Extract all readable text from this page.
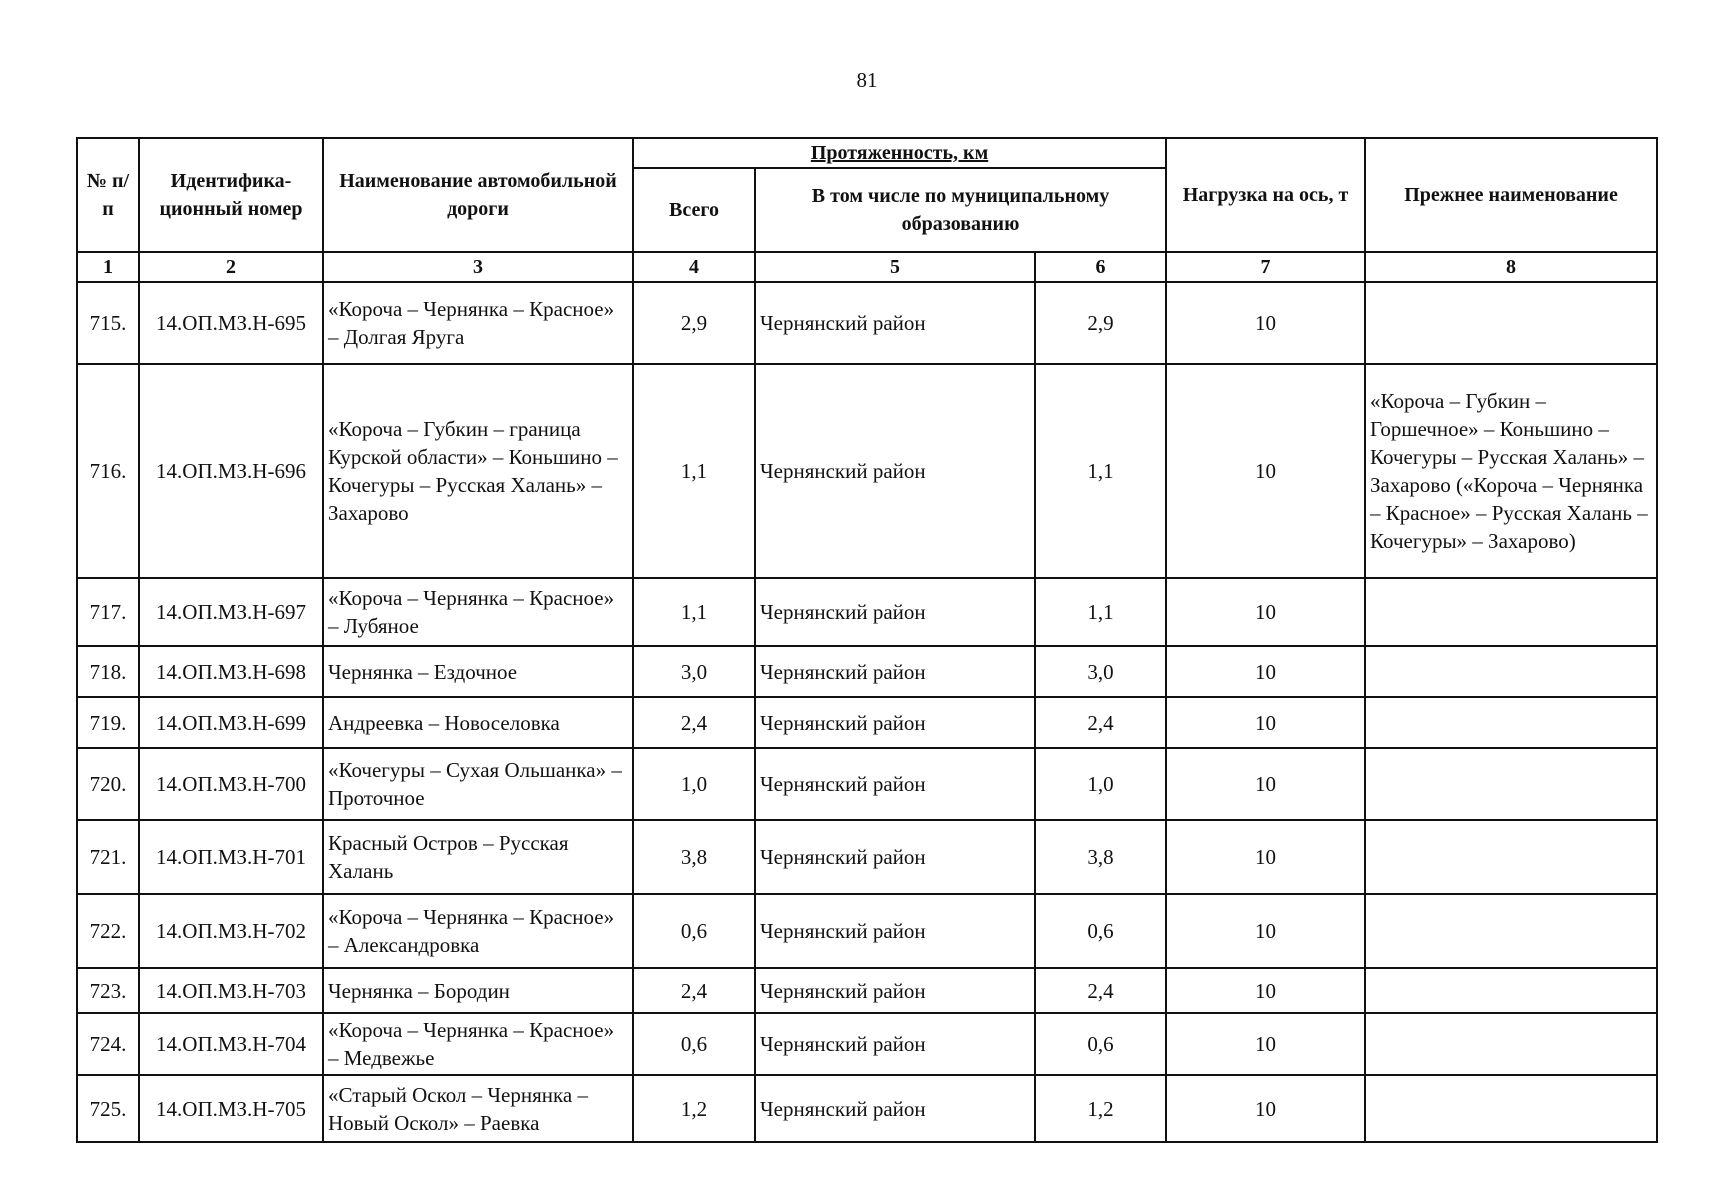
81
№ п/п	Идентифика-ционный номер	Наименование автомобильной дороги	Протяженность, км			Нагрузка на ось, т	Прежнее наименование
			Всего	В том числе по муниципальному образованию			
1	2	3	4	5	6	7	8
715.	14.ОП.МЗ.Н-695	«Короча – Чернянка – Красное» – Долгая Яруга	2,9	Чернянский район	2,9	10	
716.	14.ОП.МЗ.Н-696	«Короча – Губкин – граница Курской области» – Коньшино – Кочегуры – Русская Халань» – Захарово	1,1	Чернянский район	1,1	10	«Короча – Губкин – Горшечное» – Коньшино – Кочегуры – Русская Халань» – Захарово («Короча – Чернянка – Красное» – Русская Халань – Кочегуры» – Захарово)
717.	14.ОП.МЗ.Н-697	«Короча – Чернянка – Красное» – Лубяное	1,1	Чернянский район	1,1	10	
718.	14.ОП.МЗ.Н-698	Чернянка – Ездочное	3,0	Чернянский район	3,0	10	
719.	14.ОП.МЗ.Н-699	Андреевка – Новоселовка	2,4	Чернянский район	2,4	10	
720.	14.ОП.МЗ.Н-700	«Кочегуры – Сухая Ольшанка» – Проточное	1,0	Чернянский район	1,0	10	
721.	14.ОП.МЗ.Н-701	Красный Остров – Русская Халань	3,8	Чернянский район	3,8	10	
722.	14.ОП.МЗ.Н-702	«Короча – Чернянка – Красное» – Александровка	0,6	Чернянский район	0,6	10	
723.	14.ОП.МЗ.Н-703	Чернянка – Бородин	2,4	Чернянский район	2,4	10	
724.	14.ОП.МЗ.Н-704	«Короча – Чернянка – Красное» – Медвежье	0,6	Чернянский район	0,6	10	
725.	14.ОП.МЗ.Н-705	«Старый Оскол – Чернянка – Новый Оскол» – Раевка	1,2	Чернянский район	1,2	10	
